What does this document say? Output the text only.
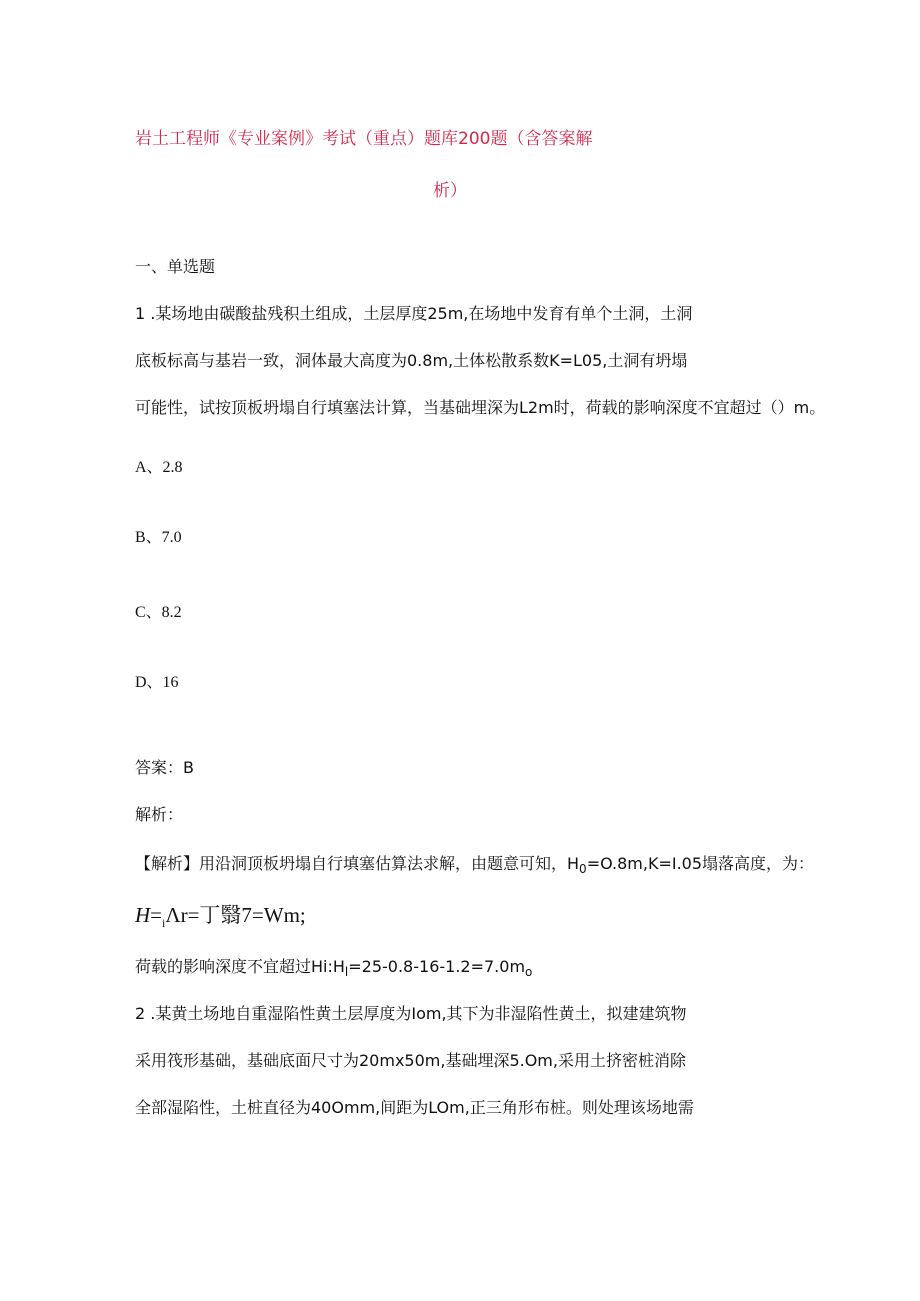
岩土工程师《专业案例》考试（重点）题库200题（含答案解
析）
一、单选题
1 .某场地由碳酸盐残积土组成，土层厚度25m,在场地中发育有单个土洞，土洞
底板标高与基岩一致，洞体最大高度为0.8m,土体松散系数K=L05,土洞有坍塌
可能性，试按顶板坍塌自行填塞法计算，当基础埋深为L2m时，荷载的影响深度不宜超过（）m。
A、2.8
B、7.0
C、8.2
D、16
答案：B
解析：
【解析】用沿洞顶板坍塌自行填塞估算法求解，由题意可知，$H_0=O.8m,K=I.05$塌落高度，为：
$H=_i\Lambda r=$丁翳7=Wm;
荷载的影响深度不宜超过$Hi:H_l=25-0.8-16-1.2=7.0m_o$
2 .某黄土场地自重湿陷性黄土层厚度为Iom,其下为非湿陷性黄土，拟建建筑物
采用筏形基础，基础底面尺寸为20mx50m,基础埋深5.Om,采用土挤密桩消除
全部湿陷性，土桩直径为40Omm,间距为LOm,正三角形布桩。则处理该场地需
